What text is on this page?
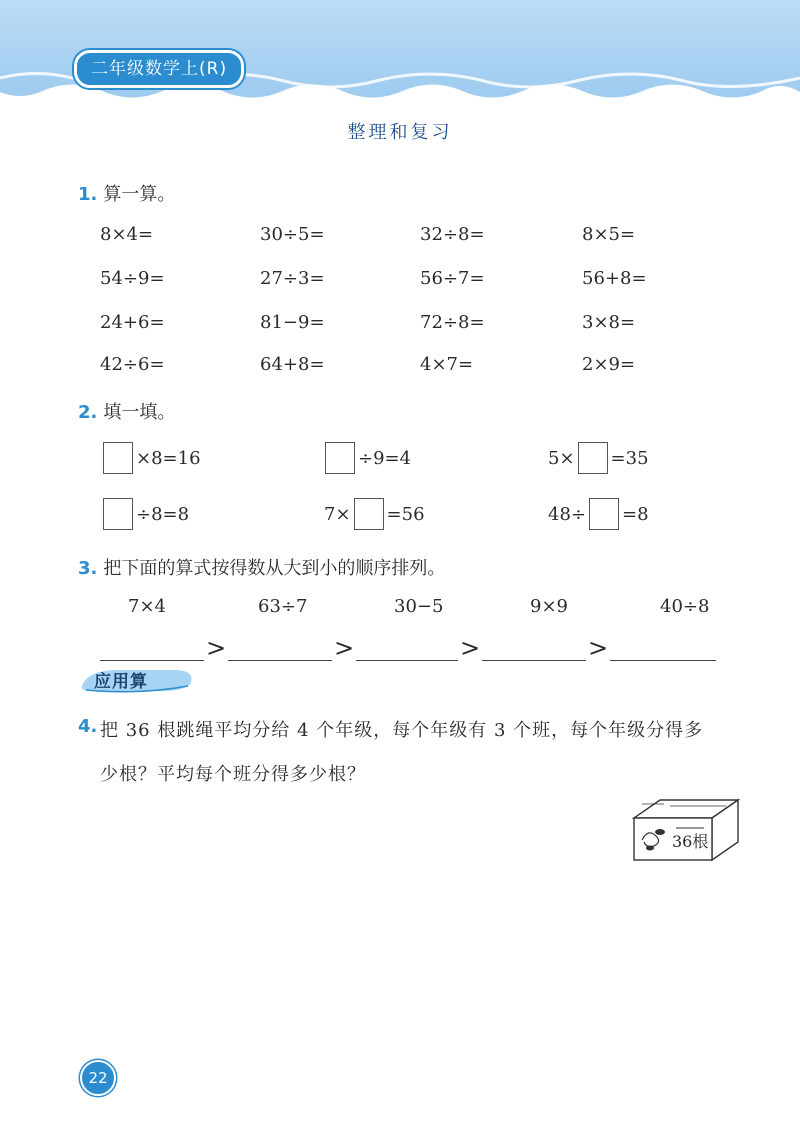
二年级数学上(R)
整理和复习
1. 算一算。
8×4=	30÷5=	32÷8=	8×5=
54÷9=	27÷3=	56÷7=	56+8=
24+6=	81−9=	72÷8=	3×8=
42÷6=	64+8=	4×7=	2×9=
2. 填一填。
×8=16	÷9=4	5× =35
÷8=8	7× =56	48÷ =8
3. 把下面的算式按得数从大到小的顺序排列。
7×4	63÷7	30−5	9×9	40÷8
>	>	>	>
应用算
4. 把 36 根跳绳平均分给 4 个年级，每个年级有 3 个班，每个年级分得多
少根？平均每个班分得多少根？
36根
22
